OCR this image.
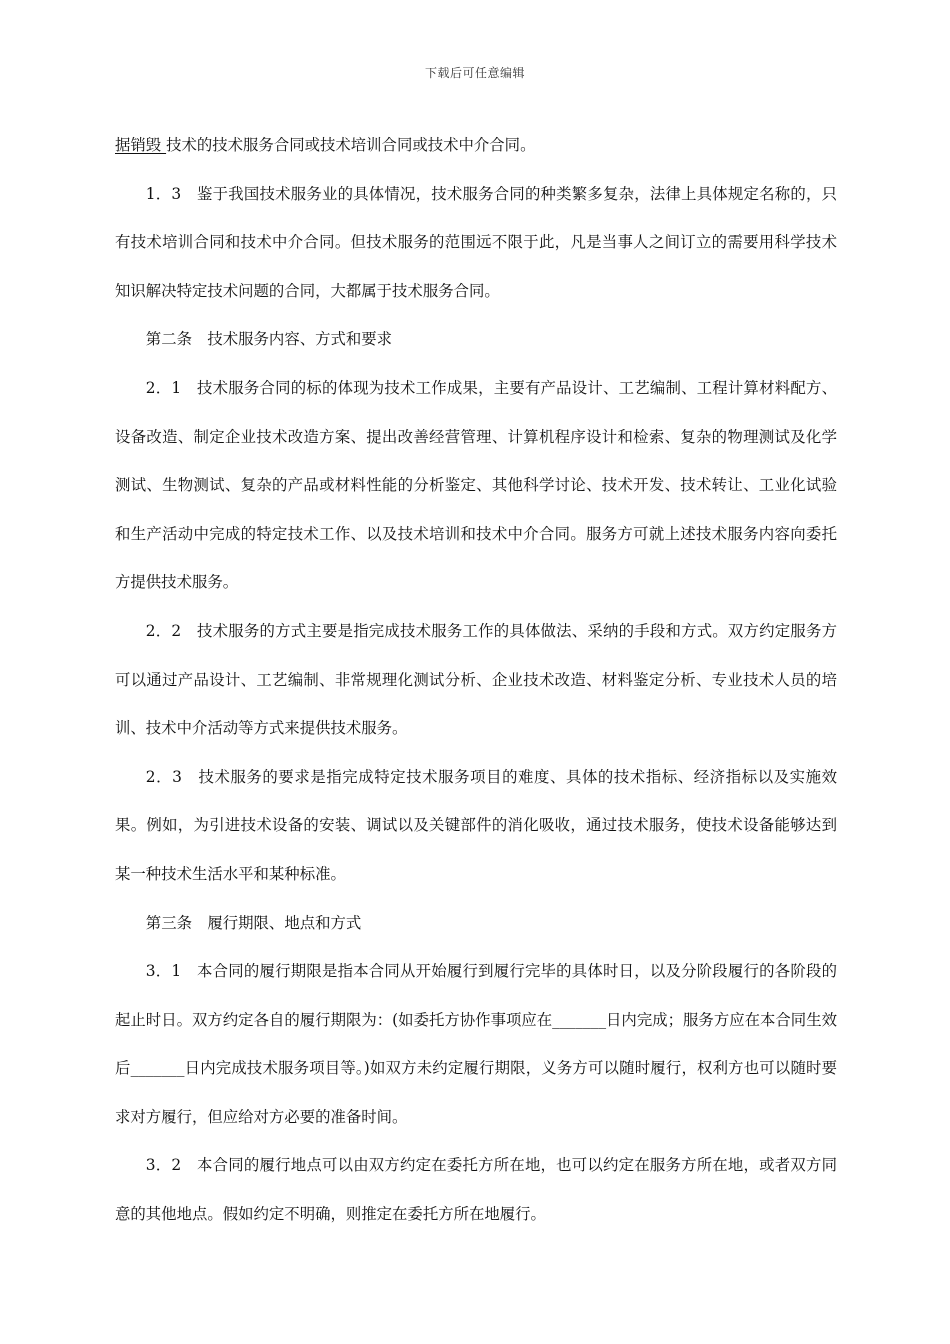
下载后可任意编辑

据销毁 技术的技术服务合同或技术培训合同或技术中介合同。

1．3　鉴于我国技术服务业的具体情况，技术服务合同的种类繁多复杂，法律上具体规定名称的，只有技术培训合同和技术中介合同。但技术服务的范围远不限于此，凡是当事人之间订立的需要用科学技术知识解决特定技术问题的合同，大都属于技术服务合同。

第二条　技术服务内容、方式和要求

2．1　技术服务合同的标的体现为技术工作成果，主要有产品设计、工艺编制、工程计算材料配方、设备改造、制定企业技术改造方案、提出改善经营管理、计算机程序设计和检索、复杂的物理测试及化学测试、生物测试、复杂的产品或材料性能的分析鉴定、其他科学讨论、技术开发、技术转让、工业化试验和生产活动中完成的特定技术工作、以及技术培训和技术中介合同。服务方可就上述技术服务内容向委托方提供技术服务。

2．2　技术服务的方式主要是指完成技术服务工作的具体做法、采纳的手段和方式。双方约定服务方可以通过产品设计、工艺编制、非常规理化测试分析、企业技术改造、材料鉴定分析、专业技术人员的培训、技术中介活动等方式来提供技术服务。

2．3　技术服务的要求是指完成特定技术服务项目的难度、具体的技术指标、经济指标以及实施效果。例如，为引进技术设备的安装、调试以及关键部件的消化吸收，通过技术服务，使技术设备能够达到某一种技术生活水平和某种标准。

第三条　履行期限、地点和方式

3．1　本合同的履行期限是指本合同从开始履行到履行完毕的具体时日，以及分阶段履行的各阶段的起止时日。双方约定各自的履行期限为：(如委托方协作事项应在_______日内完成；服务方应在本合同生效后_______日内完成技术服务项目等。)如双方未约定履行期限，义务方可以随时履行，权利方也可以随时要求对方履行，但应给对方必要的准备时间。

3．2　本合同的履行地点可以由双方约定在委托方所在地，也可以约定在服务方所在地，或者双方同意的其他地点。假如约定不明确，则推定在委托方所在地履行。
